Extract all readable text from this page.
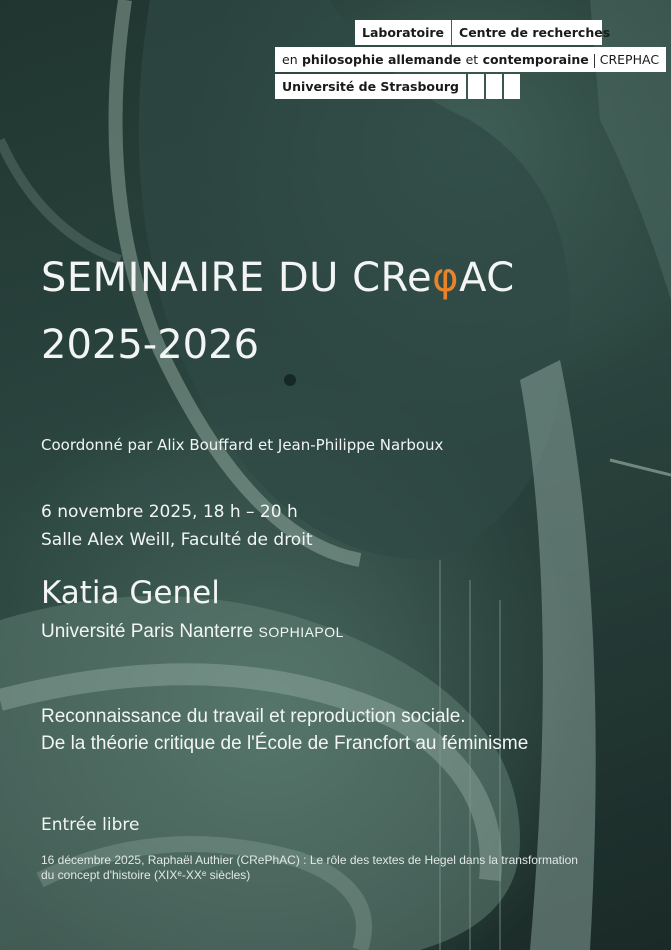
Laboratoire	Centre de recherches
en philosophie allemande et contemporaine CREPHAC
Université de Strasbourg
SEMINAIRE DU CReφAC
2025-2026
Coordonné par Alix Bouffard et Jean-Philippe Narboux
6 novembre 2025, 18 h – 20 h
Salle Alex Weill, Faculté de droit
Katia Genel
Université Paris Nanterre SOPHIAPOL
Reconnaissance du travail et reproduction sociale.
De la théorie critique de l'École de Francfort au féminisme
Entrée libre
16 décembre 2025, Raphaël Authier (CRePhAC) : Le rôle des textes de Hegel dans la transformation du concept d'histoire (XIXᵉ-XXᵉ siècles)
